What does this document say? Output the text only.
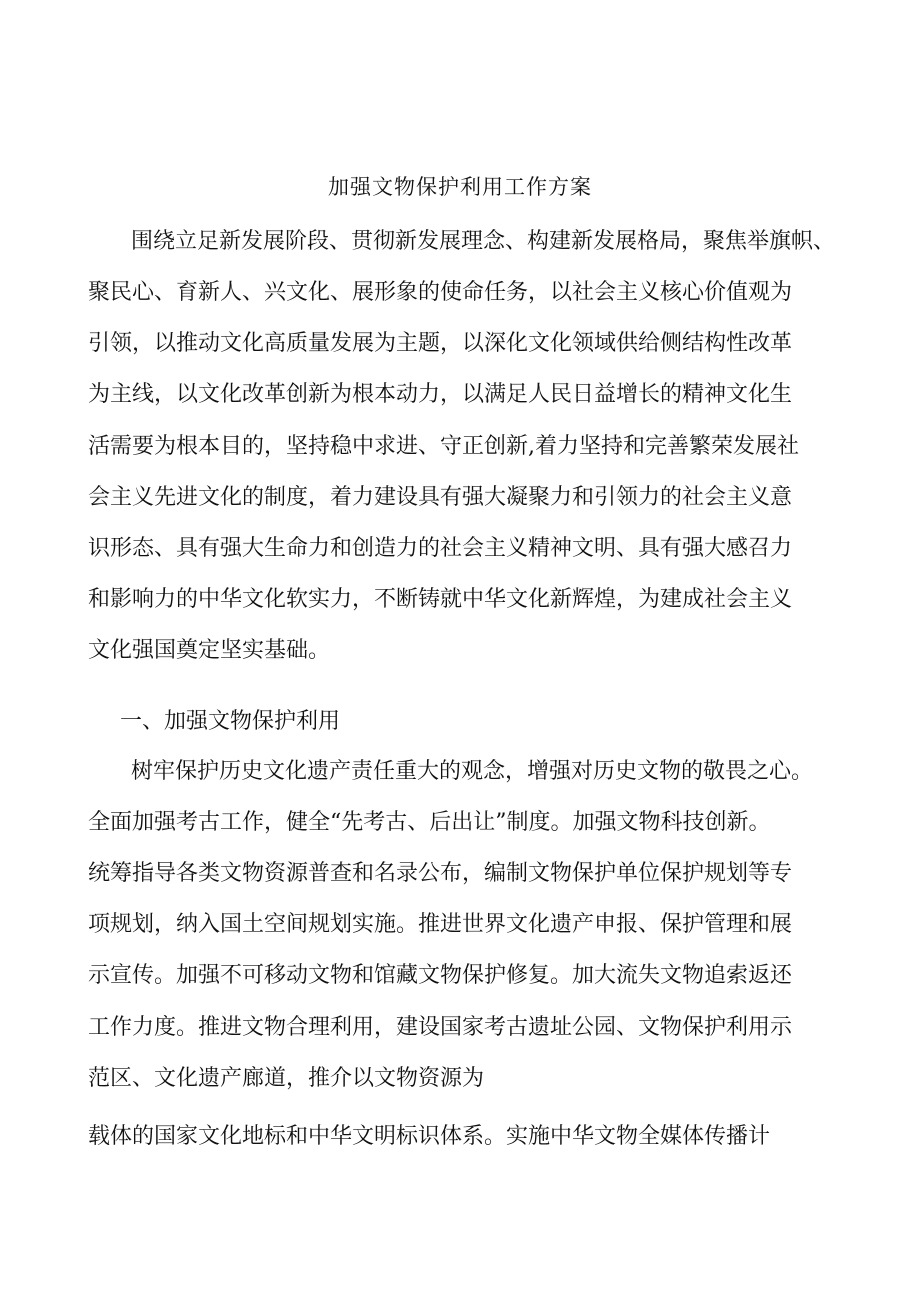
加强文物保护利用工作方案
围绕立足新发展阶段、贯彻新发展理念、构建新发展格局，聚焦举旗帜、
聚民心、育新人、兴文化、展形象的使命任务，以社会主义核心价值观为
引领，以推动文化高质量发展为主题，以深化文化领域供给侧结构性改革
为主线，以文化改革创新为根本动力，以满足人民日益增长的精神文化生
活需要为根本目的，坚持稳中求进、守正创新,着力坚持和完善繁荣发展社
会主义先进文化的制度，着力建设具有强大凝聚力和引领力的社会主义意
识形态、具有强大生命力和创造力的社会主义精神文明、具有强大感召力
和影响力的中华文化软实力，不断铸就中华文化新辉煌，为建成社会主义
文化强国奠定坚实基础。
一、加强文物保护利用
树牢保护历史文化遗产责任重大的观念，增强对历史文物的敬畏之心。
全面加强考古工作，健全“先考古、后出让”制度。加强文物科技创新。
统筹指导各类文物资源普查和名录公布，编制文物保护单位保护规划等专
项规划，纳入国土空间规划实施。推进世界文化遗产申报、保护管理和展
示宣传。加强不可移动文物和馆藏文物保护修复。加大流失文物追索返还
工作力度。推进文物合理利用，建设国家考古遗址公园、文物保护利用示
范区、文化遗产廊道，推介以文物资源为
载体的国家文化地标和中华文明标识体系。实施中华文物全媒体传播计
